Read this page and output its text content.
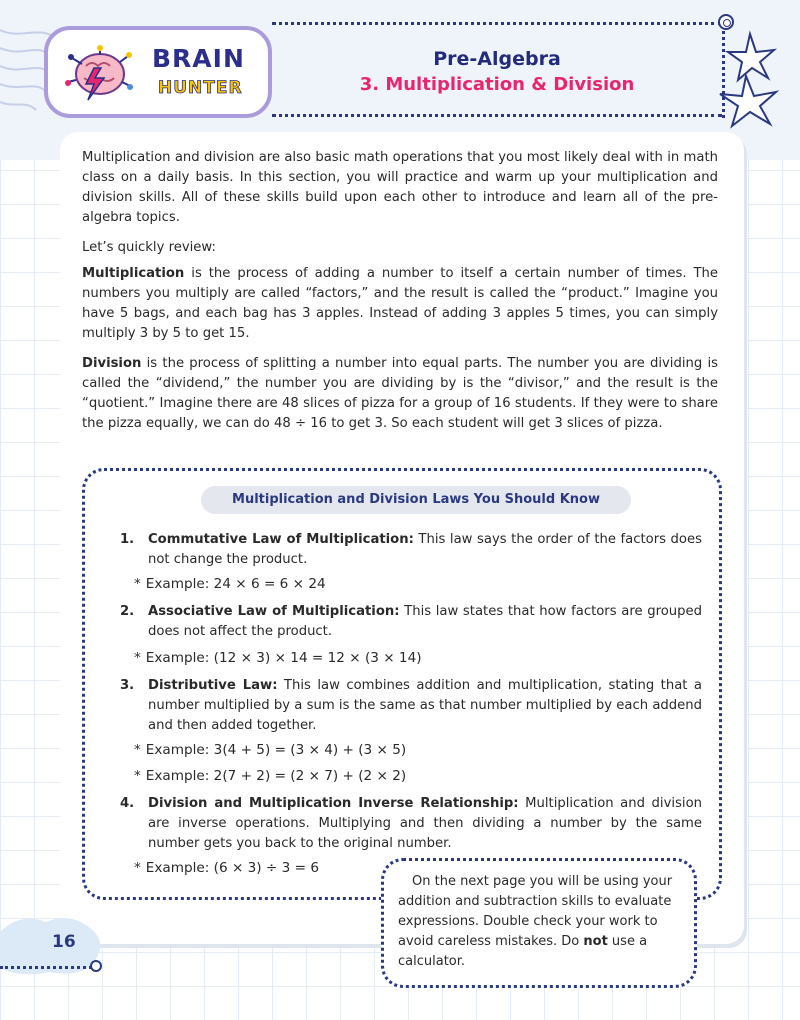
BRAIN
HUNTER
Pre-Algebra
3. Multiplication & Division

Multiplication and division are also basic math operations that you most likely deal with in math class on a daily basis. In this section, you will practice and warm up your multiplication and division skills. All of these skills build upon each other to introduce and learn all of the pre-algebra topics.

Let’s quickly review:

Multiplication is the process of adding a number to itself a certain number of times. The numbers you multiply are called “factors,” and the result is called the “product.” Imagine you have 5 bags, and each bag has 3 apples. Instead of adding 3 apples 5 times, you can simply multiply 3 by 5 to get 15.

Division is the process of splitting a number into equal parts. The number you are dividing is called the “dividend,” the number you are dividing by is the “divisor,” and the result is the “quotient.” Imagine there are 48 slices of pizza for a group of 16 students. If they were to share the pizza equally, we can do 48 ÷ 16 to get 3. So each student will get 3 slices of pizza.

Multiplication and Division Laws You Should Know
1. Commutative Law of Multiplication: This law says the order of the factors does not change the product.
* Example: 24 × 6 = 6 × 24
2. Associative Law of Multiplication: This law states that how factors are grouped does not affect the product.
* Example: (12 × 3) × 14 = 12 × (3 × 14)
3. Distributive Law: This law combines addition and multiplication, stating that a number multiplied by a sum is the same as that number multiplied by each addend and then added together.
* Example: 3(4 + 5) = (3 × 4) + (3 × 5)
* Example: 2(7 + 2) = (2 × 7) + (2 × 2)
4. Division and Multiplication Inverse Relationship: Multiplication and division are inverse operations. Multiplying and then dividing a number by the same number gets you back to the original number.
* Example: (6 × 3) ÷ 3 = 6

On the next page you will be using your addition and subtraction skills to evaluate expressions. Double check your work to avoid careless mistakes. Do not use a calculator.

16
